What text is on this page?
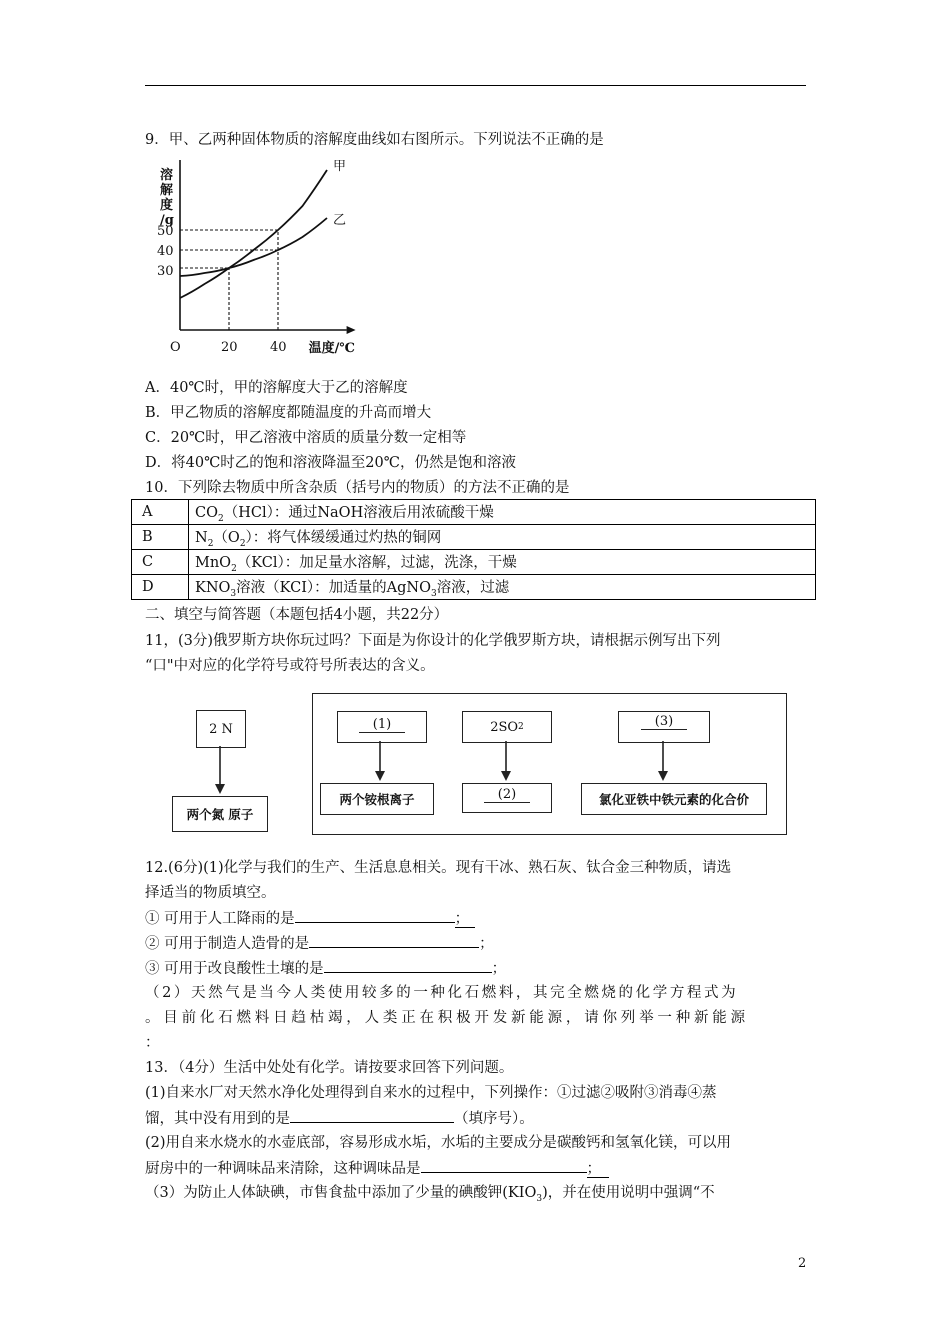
9．甲、乙两种固体物质的溶解度曲线如右图所示。下列说法不正确的是
溶
解
度
/g
温度/℃
O	20 40
30
40
50
甲
乙
A．40℃时，甲的溶解度大于乙的溶解度
B．甲乙物质的溶解度都随温度的升高而增大
C．20℃时，甲乙溶液中溶质的质量分数一定相等
D．将40℃时乙的饱和溶液降温至20℃，仍然是饱和溶液
10．下列除去物质中所含杂质（括号内的物质）的方法不正确的是
A	$CO_2(HCl)$：通过NaOH溶液后用浓硫酸干燥
B	$N_2(O_2)$：将气体缓缓通过灼热的铜网
C	MnO$_2$（KCl）：加足量水溶解，过滤，洗涤，干燥
D	$KNO_3$溶液（KCI）：加适量的AgNO$_3$溶液，过滤
二、填空与简答题（本题包括4小题，共22分）
11，(3分)俄罗斯方块你玩过吗？下面是为你设计的化学俄罗斯方块，请根据示例写出下列
“口"中对应的化学符号或符号所表达的含义。
2 N
两个氮 原子
(1)
两个铵根离子
2SO 2
(2)
(3)
氯化亚铁中铁元素的化合价
12.(6分)(1)化学与我们的生产、生活息息相关。现有干冰、熟石灰、钛合金三种物质，请选
择适当的物质填空。
① 可用于人工降雨的是	；
② 可用于制造人造骨的是	；
③ 可用于改良酸性土壤的是	；
（2）天然气是当今人类使用较多的一种化石燃料，其完全燃烧的化学方程式为
。目前化石燃料日趋枯竭，人类正在积极开发新能源，请你列举一种新能源
：
13．（4分）生活中处处有化学。请按要求回答下列问题。
(1)自来水厂对天然水净化处理得到自来水的过程中，下列操作：①过滤②吸附③消毒④蒸
馏，其中没有用到的是	（填序号）。
(2)用自来水烧水的水壶底部，容易形成水垢，水垢的主要成分是碳酸钙和氢氧化镁，可以用
厨房中的一种调味品来清除，这种调味品是	；
（3）为防止人体缺碘，市售食盐中添加了少量的碘酸钾$(KIO_3)$，并在使用说明中强调“不
2
